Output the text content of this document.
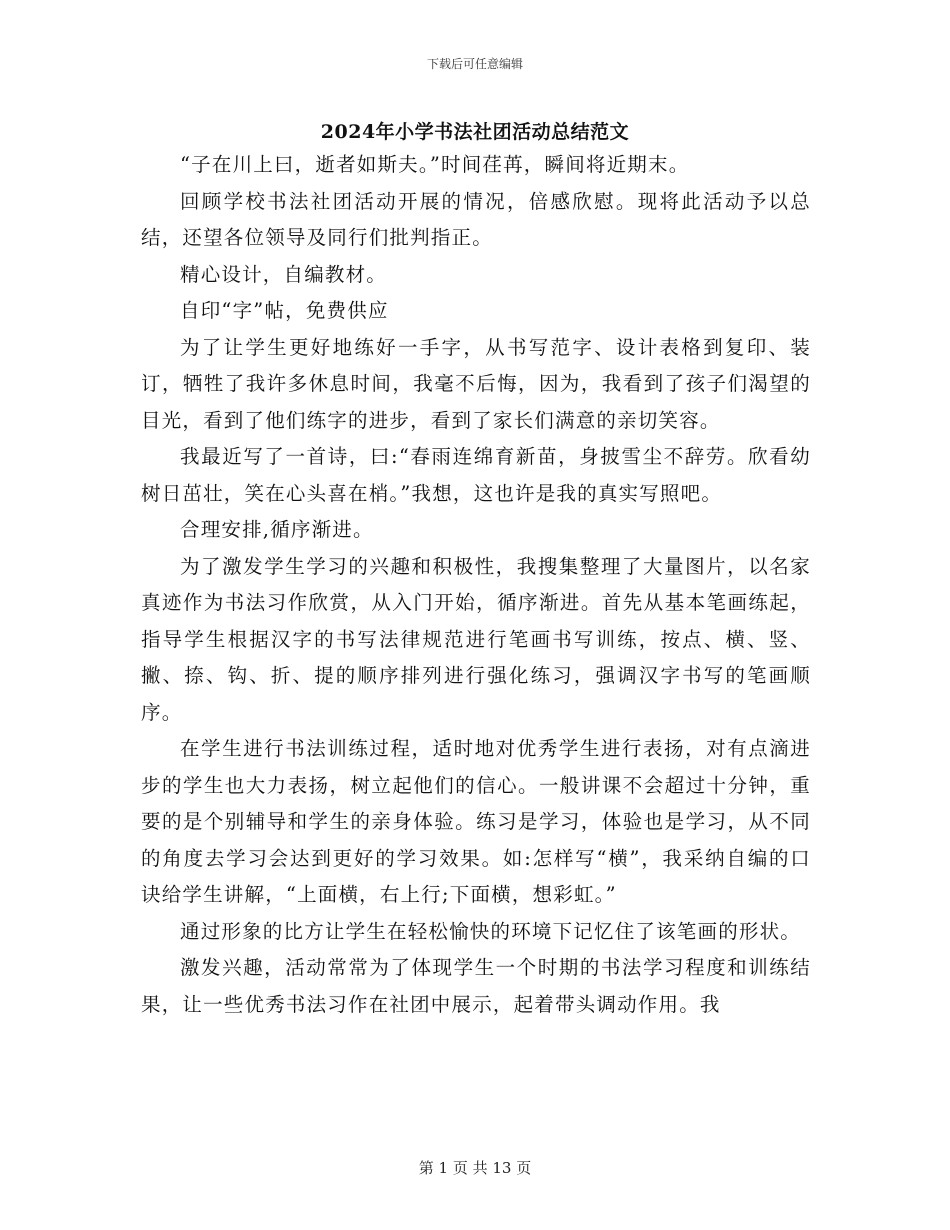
下载后可任意编辑
2024年小学书法社团活动总结范文

“子在川上曰，逝者如斯夫。”时间荏苒，瞬间将近期末。

回顾学校书法社团活动开展的情况，倍感欣慰。现将此活动予以总结，还望各位领导及同行们批判指正。

精心设计，自编教材。

自印“字”帖，免费供应

为了让学生更好地练好一手字，从书写范字、设计表格到复印、装订，牺牲了我许多休息时间，我毫不后悔，因为，我看到了孩子们渴望的目光，看到了他们练字的进步，看到了家长们满意的亲切笑容。

我最近写了一首诗，曰:“春雨连绵育新苗，身披雪尘不辞劳。欣看幼树日茁壮，笑在心头喜在梢。”我想，这也许是我的真实写照吧。

合理安排,循序渐进。

为了激发学生学习的兴趣和积极性，我搜集整理了大量图片，以名家真迹作为书法习作欣赏，从入门开始，循序渐进。首先从基本笔画练起，指导学生根据汉字的书写法律规范进行笔画书写训练，按点、横、竖、撇、捺、钩、折、提的顺序排列进行强化练习，强调汉字书写的笔画顺序。

在学生进行书法训练过程，适时地对优秀学生进行表扬，对有点滴进步的学生也大力表扬，树立起他们的信心。一般讲课不会超过十分钟，重要的是个别辅导和学生的亲身体验。练习是学习，体验也是学习，从不同的角度去学习会达到更好的学习效果。如:怎样写“横”，我采纳自编的口诀给学生讲解，“上面横，右上行;下面横，想彩虹。”

通过形象的比方让学生在轻松愉快的环境下记忆住了该笔画的形状。

激发兴趣，活动常常为了体现学生一个时期的书法学习程度和训练结果，让一些优秀书法习作在社团中展示，起着带头调动作用。我

第 1 页 共 13 页
